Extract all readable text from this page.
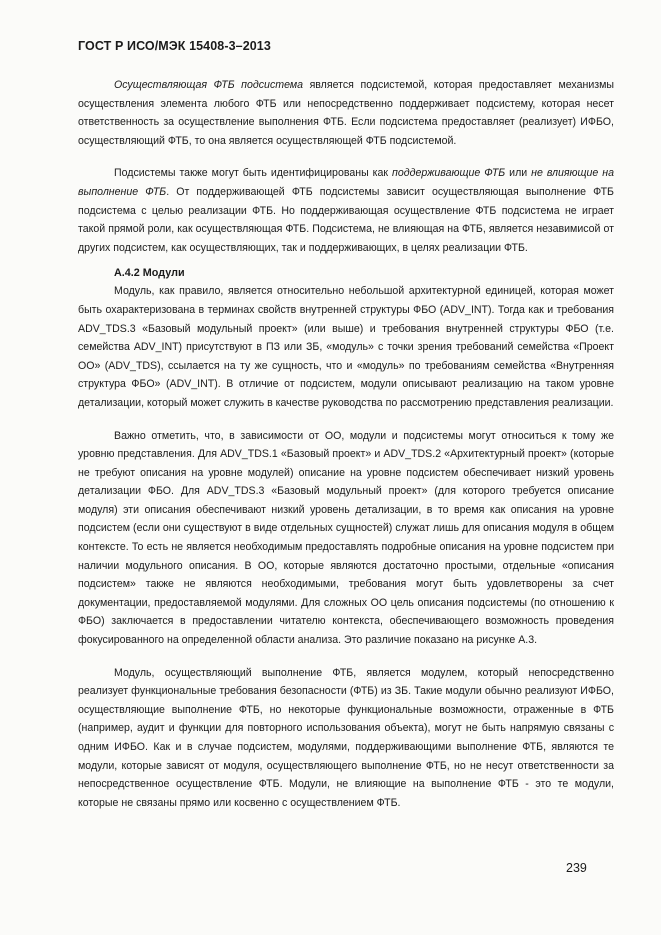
ГОСТ Р ИСО/МЭК 15408-3–2013

Осуществляющая ФТБ подсистема является подсистемой, которая предоставляет механизмы осуществления элемента любого ФТБ или непосредственно поддерживает подсистему, которая несет ответственность за осуществление выполнения ФТБ. Если подсистема предоставляет (реализует) ИФБО, осуществляющий ФТБ, то она является осуществляющей ФТБ подсистемой.

Подсистемы также могут быть идентифицированы как поддерживающие ФТБ или не влияющие на выполнение ФТБ. От поддерживающей ФТБ подсистемы зависит осуществляющая выполнение ФТБ подсистема с целью реализации ФТБ. Но поддерживающая осуществление ФТБ подсистема не играет такой прямой роли, как осуществляющая ФТБ. Подсистема, не влияющая на ФТБ, является незавимисой от других подсистем, как осуществляющих, так и поддерживающих, в целях реализации ФТБ.

A.4.2 Модули

Модуль, как правило, является относительно небольшой архитектурной единицей, которая может быть охарактеризована в терминах свойств внутренней структуры ФБО (ADV_INT). Тогда как и требования ADV_TDS.3 «Базовый модульный проект» (или выше) и требования внутренней структуры ФБО (т.е. семейства ADV_INT) присутствуют в ПЗ или ЗБ, «модуль» с точки зрения требований семейства «Проект ОО» (ADV_TDS), ссылается на ту же сущность, что и «модуль» по требованиям семейства «Внутренняя структура ФБО» (ADV_INT). В отличие от подсистем, модули описывают реализацию на таком уровне детализации, который может служить в качестве руководства по рассмотрению представления реализации.

Важно отметить, что, в зависимости от ОО, модули и подсистемы могут относиться к тому же уровню представления. Для ADV_TDS.1 «Базовый проект» и ADV_TDS.2 «Архитектурный проект» (которые не требуют описания на уровне модулей) описание на уровне подсистем обеспечивает низкий уровень детализации ФБО. Для ADV_TDS.3 «Базовый модульный проект» (для которого требуется описание модуля) эти описания обеспечивают низкий уровень детализации, в то время как описания на уровне подсистем (если они существуют в виде отдельных сущностей) служат лишь для описания модуля в общем контексте. То есть не является необходимым предоставлять подробные описания на уровне подсистем при наличии модульного описания. В ОО, которые являются достаточно простыми, отдельные «описания подсистем» также не являются необходимыми, требования могут быть удовлетворены за счет документации, предоставляемой модулями. Для сложных ОО цель описания подсистемы (по отношению к ФБО) заключается в предоставлении читателю контекста, обеспечивающего возможность проведения фокусированного на определенной области анализа. Это различие показано на рисунке А.3.

Модуль, осуществляющий выполнение ФТБ, является модулем, который непосредственно реализует функциональные требования безопасности (ФТБ) из ЗБ. Такие модули обычно реализуют ИФБО, осуществляющие выполнение ФТБ, но некоторые функциональные возможности, отраженные в ФТБ (например, аудит и функции для повторного использования объекта), могут не быть напрямую связаны с одним ИФБО. Как и в случае подсистем, модулями, поддерживающими выполнение ФТБ, являются те модули, которые зависят от модуля, осуществляющего выполнение ФТБ, но не несут ответственности за непосредственное осуществление ФТБ. Модули, не влияющие на выполнение ФТБ - это те модули, которые не связаны прямо или косвенно с осуществлением ФТБ.

239
